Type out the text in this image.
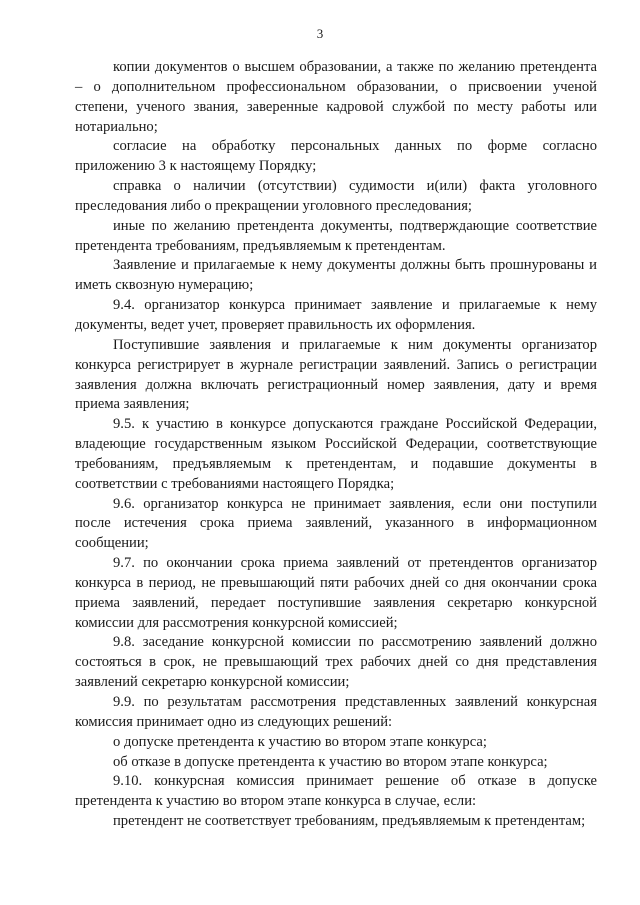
3

копии документов о высшем образовании, а также по желанию претендента – о дополнительном профессиональном образовании, о присвоении ученой степени, ученого звания, заверенные кадровой службой по месту работы или нотариально;

согласие на обработку персональных данных по форме согласно приложению 3 к настоящему Порядку;

справка о наличии (отсутствии) судимости и(или) факта уголовного преследования либо о прекращении уголовного преследования;

иные по желанию претендента документы, подтверждающие соответствие претендента требованиям, предъявляемым к претендентам.

Заявление и прилагаемые к нему документы должны быть прошнурованы и иметь сквозную нумерацию;

9.4. организатор конкурса принимает заявление и прилагаемые к нему документы, ведет учет, проверяет правильность их оформления.

Поступившие заявления и прилагаемые к ним документы организатор конкурса регистрирует в журнале регистрации заявлений. Запись о регистрации заявления должна включать регистрационный номер заявления, дату и время приема заявления;

9.5. к участию в конкурсе допускаются граждане Российской Федерации, владеющие государственным языком Российской Федерации, соответствующие требованиям, предъявляемым к претендентам, и подавшие документы в соответствии с требованиями настоящего Порядка;

9.6. организатор конкурса не принимает заявления, если они поступили после истечения срока приема заявлений, указанного в информационном сообщении;

9.7. по окончании срока приема заявлений от претендентов организатор конкурса в период, не превышающий пяти рабочих дней со дня окончании срока приема заявлений, передает поступившие заявления секретарю конкурсной комиссии для рассмотрения конкурсной комиссией;

9.8. заседание конкурсной комиссии по рассмотрению заявлений должно состояться в срок, не превышающий трех рабочих дней со дня представления заявлений секретарю конкурсной комиссии;

9.9. по результатам рассмотрения представленных заявлений конкурсная комиссия принимает одно из следующих решений:

о допуске претендента к участию во втором этапе конкурса;

об отказе в допуске претендента к участию во втором этапе конкурса;

9.10. конкурсная комиссия принимает решение об отказе в допуске претендента к участию во втором этапе конкурса в случае, если:

претендент не соответствует требованиям, предъявляемым к претендентам;
